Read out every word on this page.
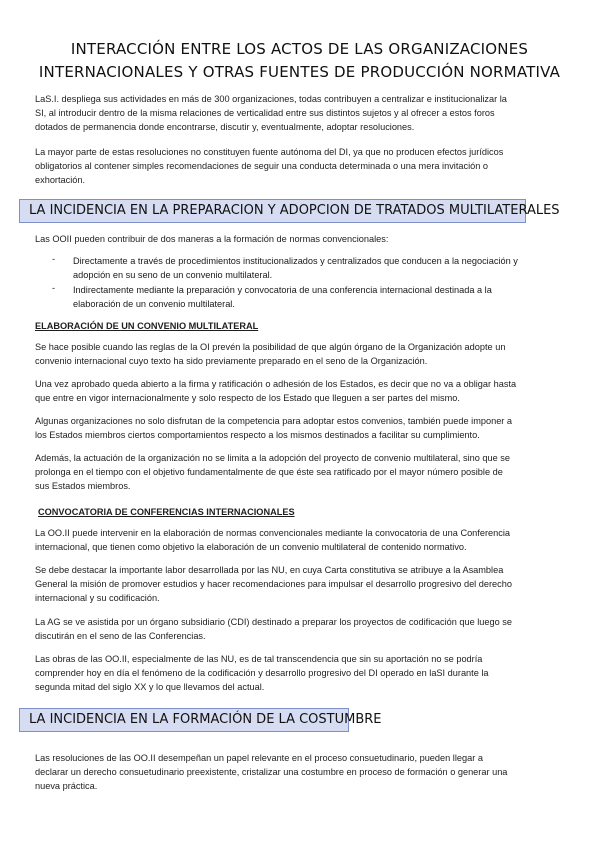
INTERACCIÓN ENTRE LOS ACTOS DE LAS ORGANIZACIONES
INTERNACIONALES Y OTRAS FUENTES DE PRODUCCIÓN NORMATIVA
LaS.I. despliega sus actividades en más de 300 organizaciones, todas contribuyen a centralizar e institucionalizar la
SI, al introducir dentro de la misma relaciones de verticalidad entre sus distintos sujetos y al ofrecer a estos foros
dotados de permanencia donde encontrarse, discutir y, eventualmente, adoptar resoluciones.
La mayor parte de estas resoluciones no constituyen fuente autónoma del DI, ya que no producen efectos jurídicos
obligatorios al contener simples recomendaciones de seguir una conducta determinada o una mera invitación o
exhortación.
LA INCIDENCIA EN LA PREPARACION Y ADOPCION DE TRATADOS MULTILATERALES
Las OOII pueden contribuir de dos maneras a la formación de normas convencionales:
- Directamente a través de procedimientos institucionalizados y centralizados que conducen a la negociación y
adopción en su seno de un convenio multilateral.
- Indirectamente mediante la preparación y convocatoria de una conferencia internacional destinada a la
elaboración de un convenio multilateral.
ELABORACIÓN DE UN CONVENIO MULTILATERAL
Se hace posible cuando las reglas de la OI prevén la posibilidad de que algún órgano de la Organización adopte un
convenio internacional cuyo texto ha sido previamente preparado en el seno de la Organización.
Una vez aprobado queda abierto a la firma y ratificación o adhesión de los Estados, es decir que no va a obligar hasta
que entre en vigor internacionalmente y solo respecto de los Estado que lleguen a ser partes del mismo.
Algunas organizaciones no solo disfrutan de la competencia para adoptar estos convenios, también puede imponer a
los Estados miembros ciertos comportamientos respecto a los mismos destinados a facilitar su cumplimiento.
Además, la actuación de la organización no se limita a la adopción del proyecto de convenio multilateral, sino que se
prolonga en el tiempo con el objetivo fundamentalmente de que éste sea ratificado por el mayor número posible de
sus Estados miembros.
CONVOCATORIA DE CONFERENCIAS INTERNACIONALES
La OO.II puede intervenir en la elaboración de normas convencionales mediante la convocatoria de una Conferencia
internacional, que tienen como objetivo la elaboración de un convenio multilateral de contenido normativo.
Se debe destacar la importante labor desarrollada por las NU, en cuya Carta constitutiva se atribuye a la Asamblea
General la misión de promover estudios y hacer recomendaciones para impulsar el desarrollo progresivo del derecho
internacional y su codificación.
La AG se ve asistida por un órgano subsidiario (CDI) destinado a preparar los proyectos de codificación que luego se
discutirán en el seno de las Conferencias.
Las obras de las OO.II, especialmente de las NU, es de tal transcendencia que sin su aportación no se podría
comprender hoy en día el fenómeno de la codificación y desarrollo progresivo del DI operado en laSI durante la
segunda mitad del siglo XX y lo que llevamos del actual.
LA INCIDENCIA EN LA FORMACIÓN DE LA COSTUMBRE
Las resoluciones de las OO.II desempeñan un papel relevante en el proceso consuetudinario, pueden llegar a
declarar un derecho consuetudinario preexistente, cristalizar una costumbre en proceso de formación o generar una
nueva práctica.
